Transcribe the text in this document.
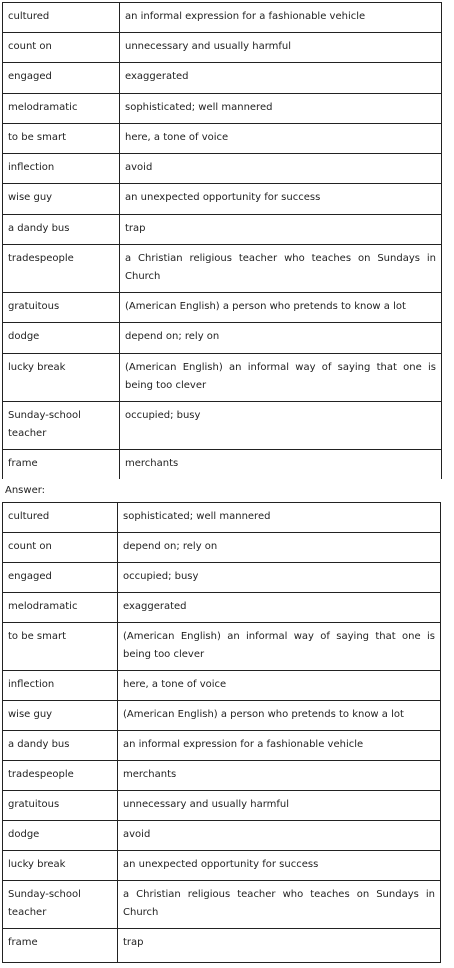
cultured	an informal expression for a fashionable vehicle
count on	unnecessary and usually harmful
engaged	exaggerated
melodramatic	sophisticated; well mannered
to be smart	here, a tone of voice
inflection	avoid
wise guy	an unexpected opportunity for success
a dandy bus	trap
tradespeople	a Christian religious teacher who teaches on Sundays in Church
gratuitous	(American English) a person who pretends to know a lot
dodge	depend on; rely on
lucky break	(American English) an informal way of saying that one is being too clever
Sunday-school teacher	occupied; busy
frame	merchants
Answer:
cultured	sophisticated; well mannered
count on	depend on; rely on
engaged	occupied; busy
melodramatic	exaggerated
to be smart	(American English) an informal way of saying that one is being too clever
inflection	here, a tone of voice
wise guy	(American English) a person who pretends to know a lot
a dandy bus	an informal expression for a fashionable vehicle
tradespeople	merchants
gratuitous	unnecessary and usually harmful
dodge	avoid
lucky break	an unexpected opportunity for success
Sunday-school teacher	a Christian religious teacher who teaches on Sundays in Church
frame	trap
